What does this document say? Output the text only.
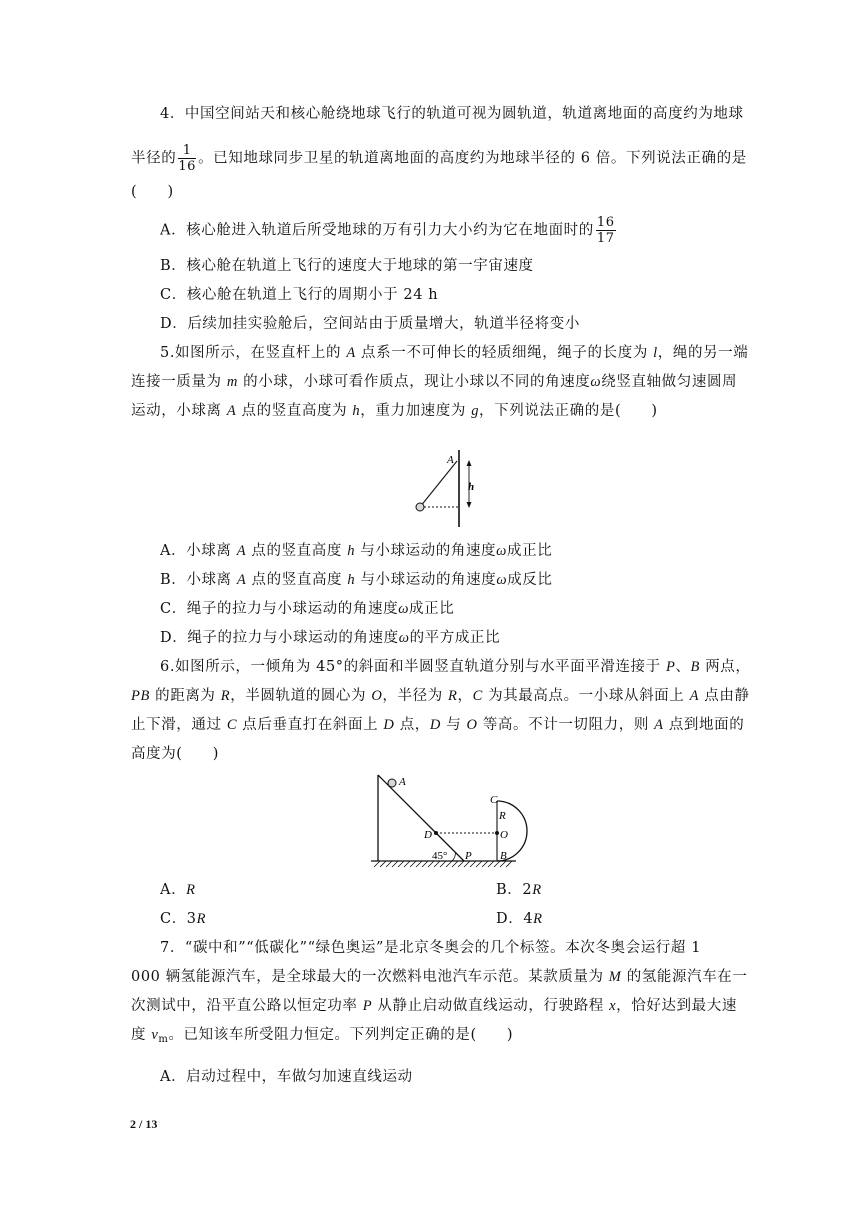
4．中国空间站天和核心舱绕地球飞行的轨道可视为圆轨道，轨道离地面的高度约为地球
半径的 $\frac{1}{16}$ 。已知地球同步卫星的轨道离地面的高度约为地球半径的 6 倍。下列说法正确的是
(　　)
A．核心舱进入轨道后所受地球的万有引力大小约为它在地面时的 $\frac{16}{17}$
B．核心舱在轨道上飞行的速度大于地球的第一宇宙速度
C．核心舱在轨道上飞行的周期小于 24 h
D．后续加挂实验舱后，空间站由于质量增大，轨道半径将变小
5.如图所示，在竖直杆上的 A 点系一不可伸长的轻质细绳，绳子的长度为 l，绳的另一端
连接一质量为 m 的小球，小球可看作质点，现让小球以不同的角速度ω绕竖直轴做匀速圆周
运动，小球离 A 点的竖直高度为 h，重力加速度为 g，下列说法正确的是(　　)
A
h
A．小球离 A 点的竖直高度 h 与小球运动的角速度ω成正比
B．小球离 A 点的竖直高度 h 与小球运动的角速度ω成反比
C．绳子的拉力与小球运动的角速度ω成正比
D．绳子的拉力与小球运动的角速度ω的平方成正比
6.如图所示，一倾角为 45°的斜面和半圆竖直轨道分别与水平面平滑连接于 P、B 两点，
PB 的距离为 R，半圆轨道的圆心为 O，半径为 R，C 为其最高点。一小球从斜面上 A 点由静
止下滑，通过 C 点后垂直打在斜面上 D 点，D 与 O 等高。不计一切阻力，则 A 点到地面的
高度为(　　)
A
C
R
D	O
45° P	B
A．R	B．2R
C．3R	D．4R
7．“碳中和”“低碳化”“绿色奥运”是北京冬奥会的几个标签。本次冬奥会运行超 1
000 辆氢能源汽车，是全球最大的一次燃料电池汽车示范。某款质量为 M 的氢能源汽车在一
次测试中，沿平直公路以恒定功率 P 从静止启动做直线运动，行驶路程 x，恰好达到最大速
度 $v_m$。已知该车所受阻力恒定。下列判定正确的是(　　)
A．启动过程中，车做匀加速直线运动
2 / 13
